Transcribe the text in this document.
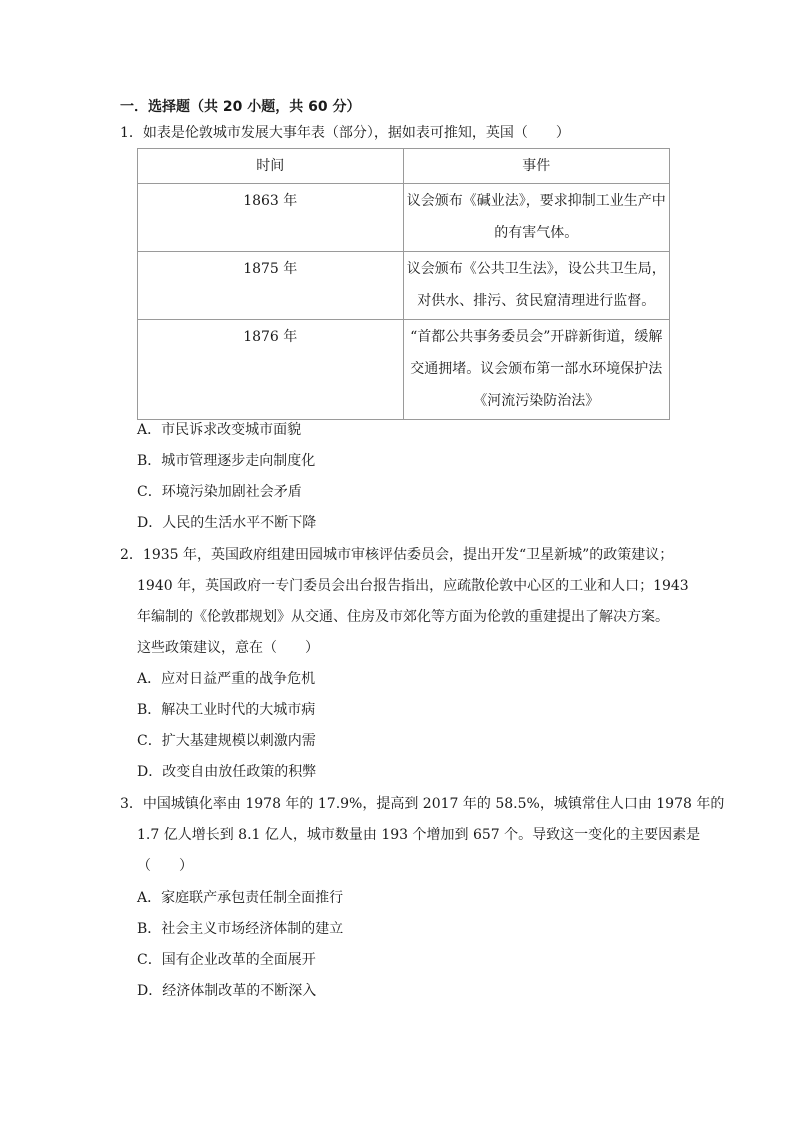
一．选择题（共 20 小题，共 60 分）
1．如表是伦敦城市发展大事年表（部分），据如表可推知，英国（　　）
时间	事件

1863 年	议会颁布《碱业法》，要求抑制工业生产中
的有害气体。

1875 年	议会颁布《公共卫生法》，设公共卫生局，
对供水、排污、贫民窟清理进行监督。

1876 年	“首都公共事务委员会”开辟新街道，缓解
交通拥堵。议会颁布第一部水环境保护法
《河流污染防治法》
A．市民诉求改变城市面貌
B．城市管理逐步走向制度化
C．环境污染加剧社会矛盾
D．人民的生活水平不断下降
2．1935 年，英国政府组建田园城市审核评估委员会，提出开发“卫星新城”的政策建议；
1940 年，英国政府一专门委员会出台报告指出，应疏散伦敦中心区的工业和人口；1943
年编制的《伦敦郡规划》从交通、住房及市郊化等方面为伦敦的重建提出了解决方案。
这些政策建议，意在（　　）
A．应对日益严重的战争危机
B．解决工业时代的大城市病
C．扩大基建规模以刺激内需
D．改变自由放任政策的积弊
3．中国城镇化率由 1978 年的 17.9%，提高到 2017 年的 58.5%，城镇常住人口由 1978 年的
1.7 亿人增长到 8.1 亿人，城市数量由 193 个增加到 657 个。导致这一变化的主要因素是
（　　）
A．家庭联产承包责任制全面推行
B．社会主义市场经济体制的建立
C．国有企业改革的全面展开
D．经济体制改革的不断深入
